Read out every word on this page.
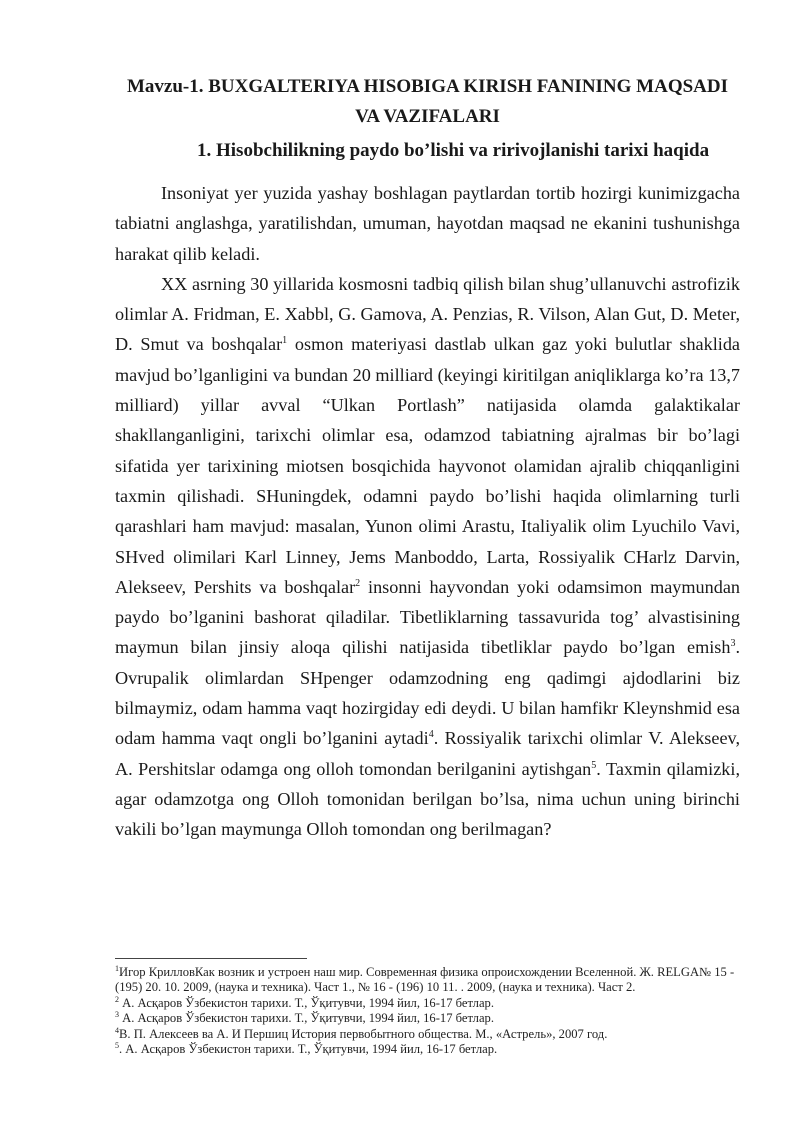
Mavzu-1. BUXGALTERIYA HISOBIGA KIRISH FANINING MAQSADI
VA VAZIFALARI

1. Hisobchilikning paydo bo’lishi va ririvojlanishi tarixi haqida

Insoniyat yer yuzida yashay boshlagan paytlardan tortib hozirgi kunimizgacha tabiatni anglashga, yaratilishdan, umuman, hayotdan maqsad ne ekanini tushunishga harakat qilib keladi.

XX asrning 30 yillarida kosmosni tadbiq qilish bilan shug’ullanuvchi astrofizik olimlar A. Fridman, E. Xabbl, G. Gamova, A. Penzias, R. Vilson, Alan Gut, D. Meter, D. Smut va boshqalar$^1$ osmon materiyasi dastlab ulkan gaz yoki bulutlar shaklida mavjud bo’lganligini va bundan 20 milliard (keyingi kiritilgan aniqliklarga ko’ra 13,7 milliard) yillar avval “Ulkan Portlash” natijasida olamda galaktikalar shakllanganligini, tarixchi olimlar esa, odamzod tabiatning ajralmas bir bo’lagi sifatida yer tarixining miotsen bosqichida hayvonot olamidan ajralib chiqqanligini taxmin qilishadi. SHuningdek, odamni paydo bo’lishi haqida olimlarning turli qarashlari ham mavjud: masalan, Yunon olimi Arastu, Italiyalik olim Lyuchilo Vavi, SHved olimilari Karl Linney, Jems Manboddo, Larta, Rossiyalik CHarlz Darvin, Alekseev, Pershits va boshqalar$^2$ insonni hayvondan yoki odamsimon maymundan paydo bo’lganini bashorat qiladilar. Tibetliklarning tassavurida tog’ alvastisining maymun bilan jinsiy aloqa qilishi natijasida tibetliklar paydo bo’lgan emish$^3$. Ovrupalik olimlardan SHpenger odamzodning eng qadimgi ajdodlarini biz bilmaymiz, odam hamma vaqt hozirgiday edi deydi. U bilan hamfikr Kleynshmid esa odam hamma vaqt ongli bo’lganini aytadi$^4$. Rossiyalik tarixchi olimlar V. Alekseev, A. Pershitslar odamga ong olloh tomondan berilganini aytishgan$^5$. Taxmin qilamizki, agar odamzotga ong Olloh tomonidan berilgan bo’lsa, nima uchun uning birinchi vakili bo’lgan maymunga Olloh tomondan ong berilmagan?

$^1$Игор КрилловКак возник и устроен наш мир. Современная физика опроисхождении Вселенной. Ж. RELGA№ 15 - (195) 20. 10. 2009, (наука и техника). Част 1., № 16 - (196) 10 11. . 2009, (наука и техника). Част 2.

$^2$ А. Асқаров Ўзбекистон тарихи. Т., Ўқитувчи, 1994 йил, 16-17 бетлар.

$^3$ А. Асқаров Ўзбекистон тарихи. Т., Ўқитувчи, 1994 йил, 16-17 бетлар.

$^4$В. П. Алексеев ва А. И Першиц История первобытного общества. М., «Астрель», 2007 год.

$^5$. А. Асқаров Ўзбекистон тарихи. Т., Ўқитувчи, 1994 йил, 16-17 бетлар.
